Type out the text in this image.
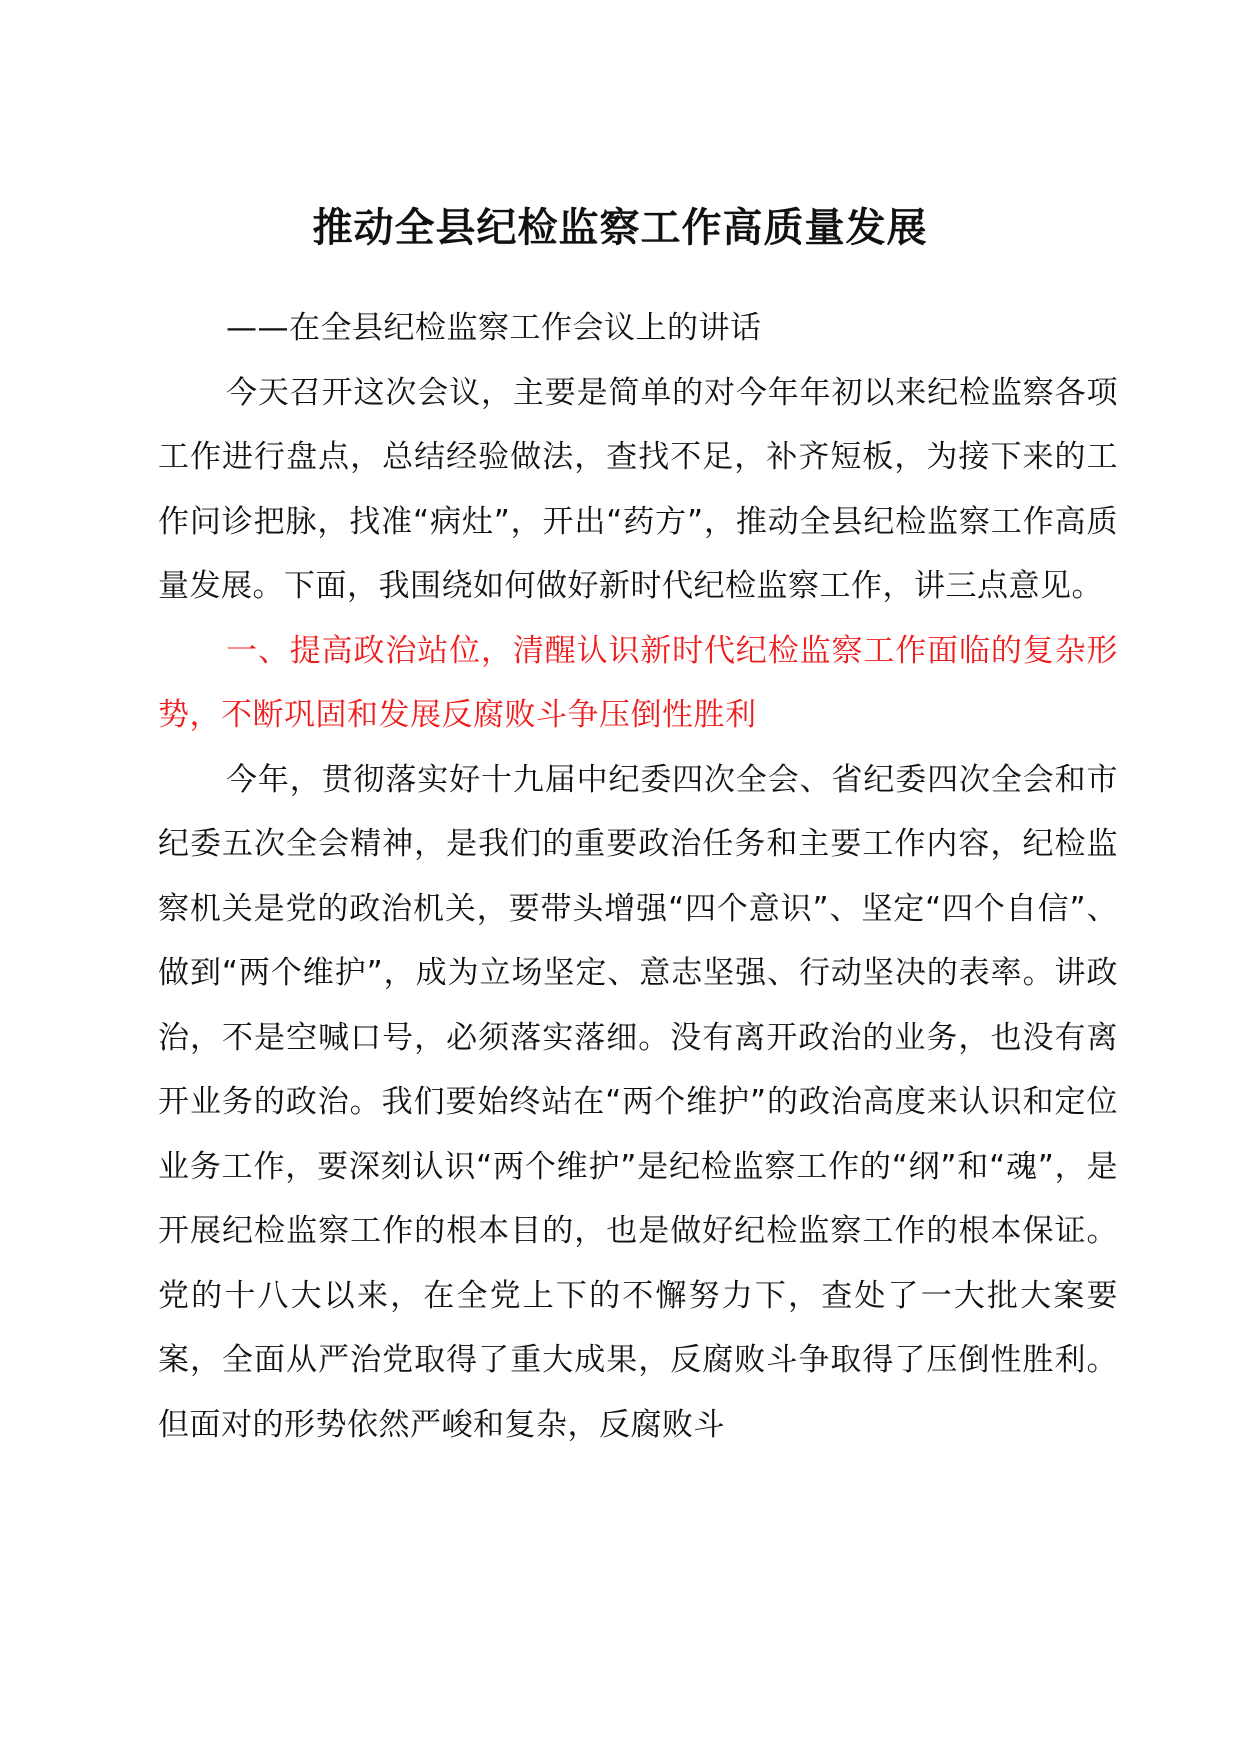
推动全县纪检监察工作高质量发展

——在全县纪检监察工作会议上的讲话

今天召开这次会议，主要是简单的对今年年初以来纪检监察各项工作进行盘点，总结经验做法，查找不足，补齐短板，为接下来的工作问诊把脉，找准“病灶”，开出“药方”，推动全县纪检监察工作高质量发展。下面，我围绕如何做好新时代纪检监察工作，讲三点意见。

一、提高政治站位，清醒认识新时代纪检监察工作面临的复杂形势，不断巩固和发展反腐败斗争压倒性胜利

今年，贯彻落实好十九届中纪委四次全会、省纪委四次全会和市纪委五次全会精神，是我们的重要政治任务和主要工作内容，纪检监察机关是党的政治机关，要带头增强“四个意识”、坚定“四个自信”、做到“两个维护”，成为立场坚定、意志坚强、行动坚决的表率。讲政治，不是空喊口号，必须落实落细。没有离开政治的业务，也没有离开业务的政治。我们要始终站在“两个维护”的政治高度来认识和定位业务工作，要深刻认识“两个维护”是纪检监察工作的“纲”和“魂”，是开展纪检监察工作的根本目的，也是做好纪检监察工作的根本保证。党的十八大以来，在全党上下的不懈努力下，查处了一大批大案要案，全面从严治党取得了重大成果，反腐败斗争取得了压倒性胜利。但面对的形势依然严峻和复杂，反腐败斗
